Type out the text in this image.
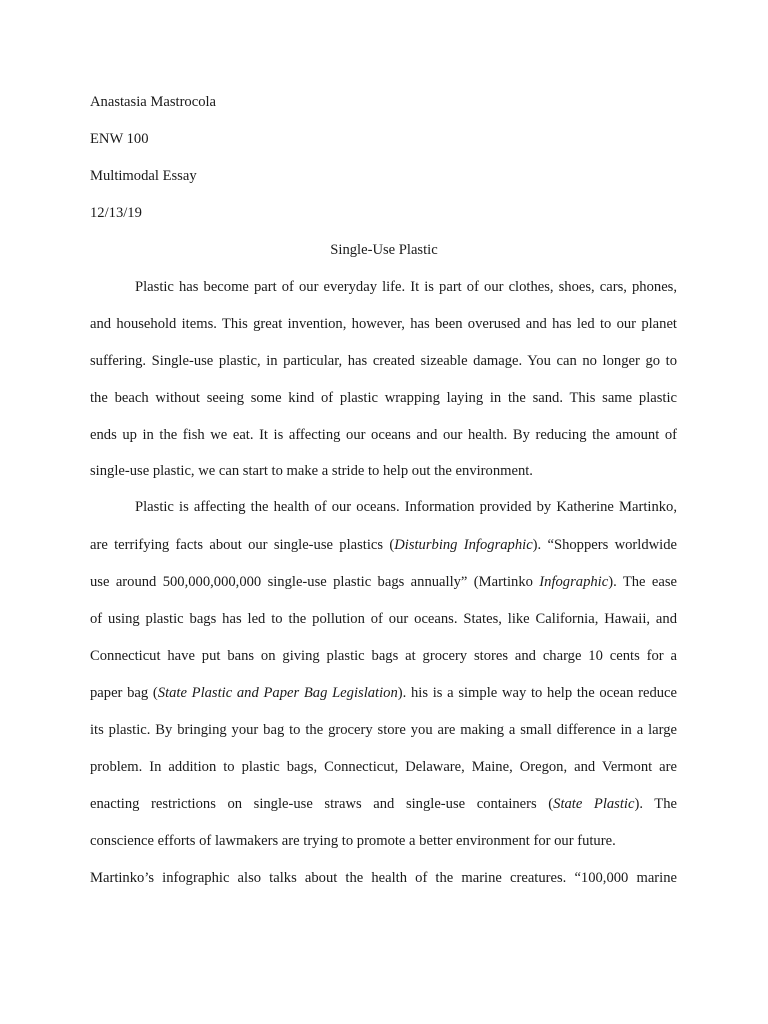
Anastasia Mastrocola
ENW 100
Multimodal Essay
12/13/19
Single-Use Plastic
Plastic has become part of our everyday life. It is part of our clothes, shoes, cars, phones,
and household items. This great invention, however, has been overused and has led to our planet
suffering. Single-use plastic, in particular, has created sizeable damage. You can no longer go to
the beach without seeing some kind of plastic wrapping laying in the sand. This same plastic
ends up in the fish we eat. It is affecting our oceans and our health. By reducing the amount of
single-use plastic, we can start to make a stride to help out the environment.
Plastic is affecting the health of our oceans. Information provided by Katherine Martinko,
are terrifying facts about our single-use plastics (Disturbing Infographic). “Shoppers worldwide
use around 500,000,000,000 single-use plastic bags annually” (Martinko Infographic). The ease
of using plastic bags has led to the pollution of our oceans. States, like California, Hawaii, and
Connecticut have put bans on giving plastic bags at grocery stores and charge 10 cents for a
paper bag (State Plastic and Paper Bag Legislation). his is a simple way to help the ocean reduce
its plastic. By bringing your bag to the grocery store you are making a small difference in a large
problem. In addition to plastic bags, Connecticut, Delaware, Maine, Oregon, and Vermont are
enacting restrictions on single-use straws and single-use containers (State Plastic). The
conscience efforts of lawmakers are trying to promote a better environment for our future.
Martinko’s infographic also talks about the health of the marine creatures. “100,000 marine
